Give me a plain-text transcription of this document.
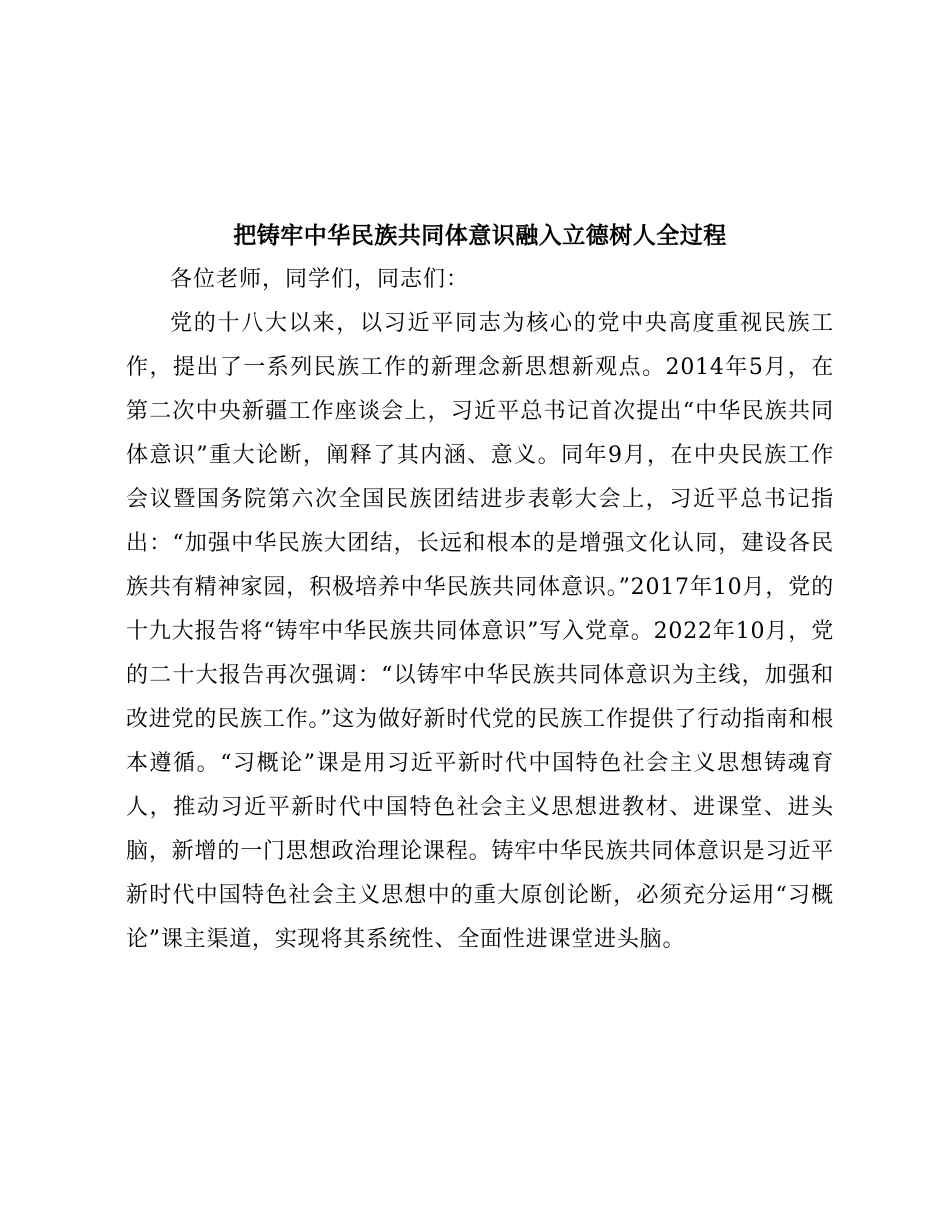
把铸牢中华民族共同体意识融入立德树人全过程

各位老师，同学们，同志们：

党的十八大以来，以习近平同志为核心的党中央高度重视民族工作，提出了一系列民族工作的新理念新思想新观点。2014年5月，在第二次中央新疆工作座谈会上，习近平总书记首次提出“中华民族共同体意识”重大论断，阐释了其内涵、意义。同年9月，在中央民族工作会议暨国务院第六次全国民族团结进步表彰大会上，习近平总书记指出：“加强中华民族大团结，长远和根本的是增强文化认同，建设各民族共有精神家园，积极培养中华民族共同体意识。”2017年10月，党的十九大报告将“铸牢中华民族共同体意识”写入党章。2022年10月，党的二十大报告再次强调：“以铸牢中华民族共同体意识为主线，加强和改进党的民族工作。”这为做好新时代党的民族工作提供了行动指南和根本遵循。“习概论”课是用习近平新时代中国特色社会主义思想铸魂育人，推动习近平新时代中国特色社会主义思想进教材、进课堂、进头脑，新增的一门思想政治理论课程。铸牢中华民族共同体意识是习近平新时代中国特色社会主义思想中的重大原创论断，必须充分运用“习概论”课主渠道，实现将其系统性、全面性进课堂进头脑。
